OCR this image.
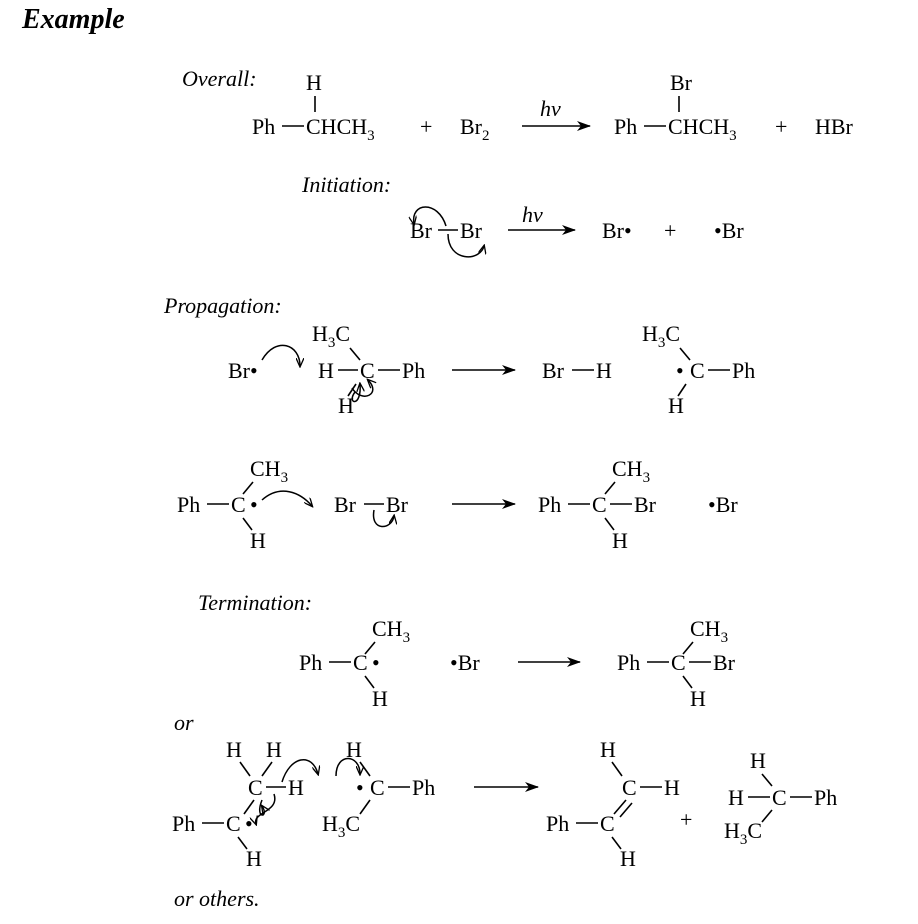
Example
Overall: H
Ph $CHCH_3 + Br_2$
hν
Br
Ph $CHCH_3$ + HBr
Initiation:
Br Br
hν
Br• + •Br
Propagation:
Br•
$H_3C$
H C Ph
H
Br H
$H_3C$
• C Ph
H
$CH_3$
Ph C •
H
Br Br
$CH_3$
Ph C Br
H
•Br
Termination:
$CH_3$
Ph C •
H
•Br
$CH_3$
Ph C Br
H
or
H H
C H
Ph C •
H
H
• C Ph
$H_3C$
H
C H
Ph C
H
+
H
H C Ph
$H_3C$
or others.
